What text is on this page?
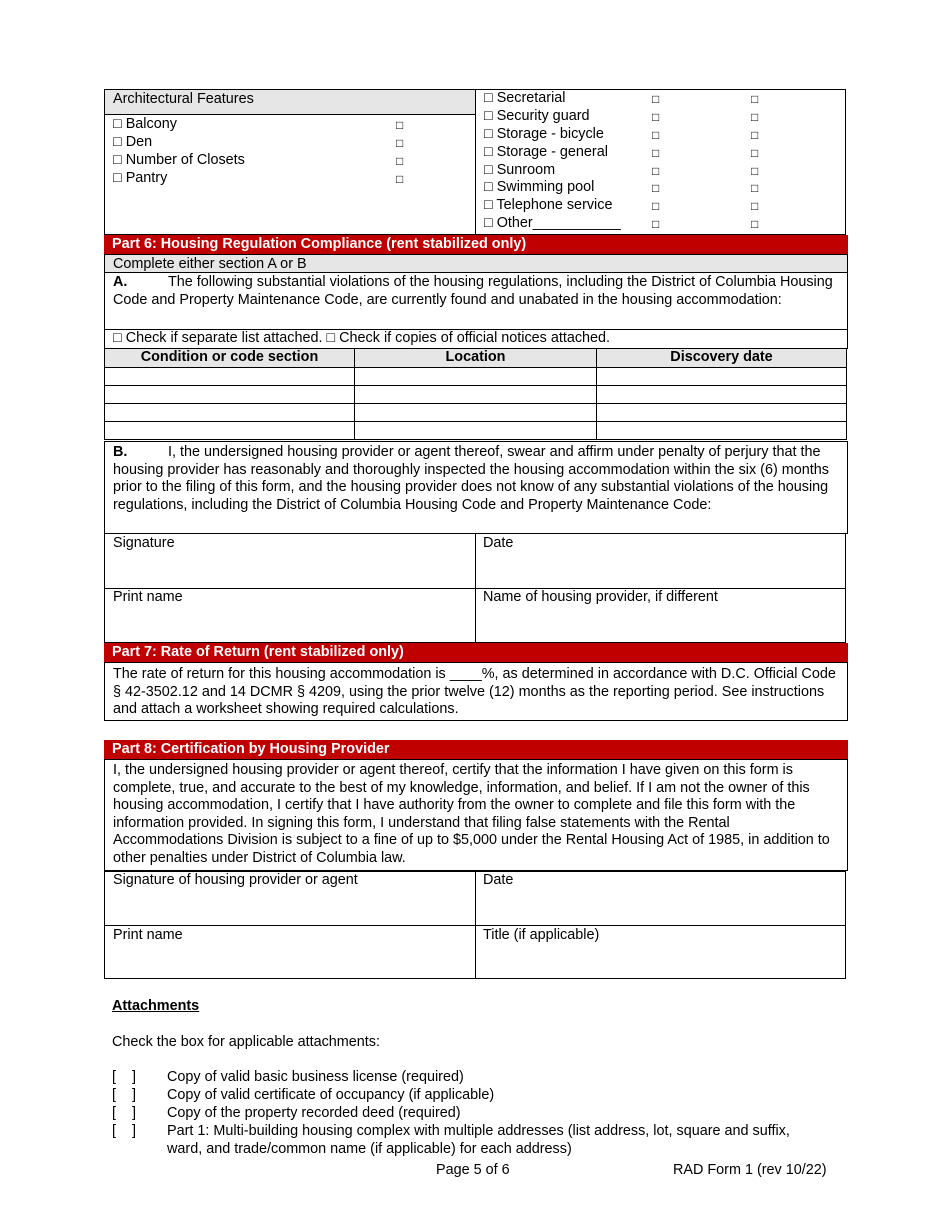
Architectural Features
□ Balcony	□
□ Den	□
□ Number of Closets	□
□ Pantry	□
□ Secretarial	□	□
□ Security guard	□	□
□ Storage - bicycle	□	□
□ Storage - general	□	□
□ Sunroom	□	□
□ Swimming pool	□	□
□ Telephone service	□	□
□ Other___________	□	□
Part 6: Housing Regulation Compliance (rent stabilized only)
Complete either section A or B
A.	The following substantial violations of the housing regulations, including the District of Columbia Housing Code and Property Maintenance Code, are currently found and unabated in the housing accommodation:
□ Check if separate list attached. □ Check if copies of official notices attached.
Condition or code section	Location	Discovery date

B.	I, the undersigned housing provider or agent thereof, swear and affirm under penalty of perjury that the housing provider has reasonably and thoroughly inspected the housing accommodation within the six (6) months prior to the filing of this form, and the housing provider does not know of any substantial violations of the housing regulations, including the District of Columbia Housing Code and Property Maintenance Code:
Signature	Date
Print name	Name of housing provider, if different
Part 7: Rate of Return (rent stabilized only)
The rate of return for this housing accommodation is ____%, as determined in accordance with D.C. Official Code § 42-3502.12 and 14 DCMR § 4209, using the prior twelve (12) months as the reporting period. See instructions and attach a worksheet showing required calculations.
Part 8: Certification by Housing Provider
I, the undersigned housing provider or agent thereof, certify that the information I have given on this form is complete, true, and accurate to the best of my knowledge, information, and belief. If I am not the owner of this housing accommodation, I certify that I have authority from the owner to complete and file this form with the information provided. In signing this form, I understand that filing false statements with the Rental Accommodations Division is subject to a fine of up to $5,000 under the Rental Housing Act of 1985, in addition to other penalties under District of Columbia law.
Signature of housing provider or agent	Date
Print name	Title (if applicable)
Attachments
Check the box for applicable attachments:
[    ] Copy of valid basic business license (required)
[    ] Copy of valid certificate of occupancy (if applicable)
[    ] Copy of the property recorded deed (required)
[    ] Part 1: Multi-building housing complex with multiple addresses (list address, lot, square and suffix, ward, and trade/common name (if applicable) for each address)
Page 5 of 6	RAD Form 1 (rev 10/22)
